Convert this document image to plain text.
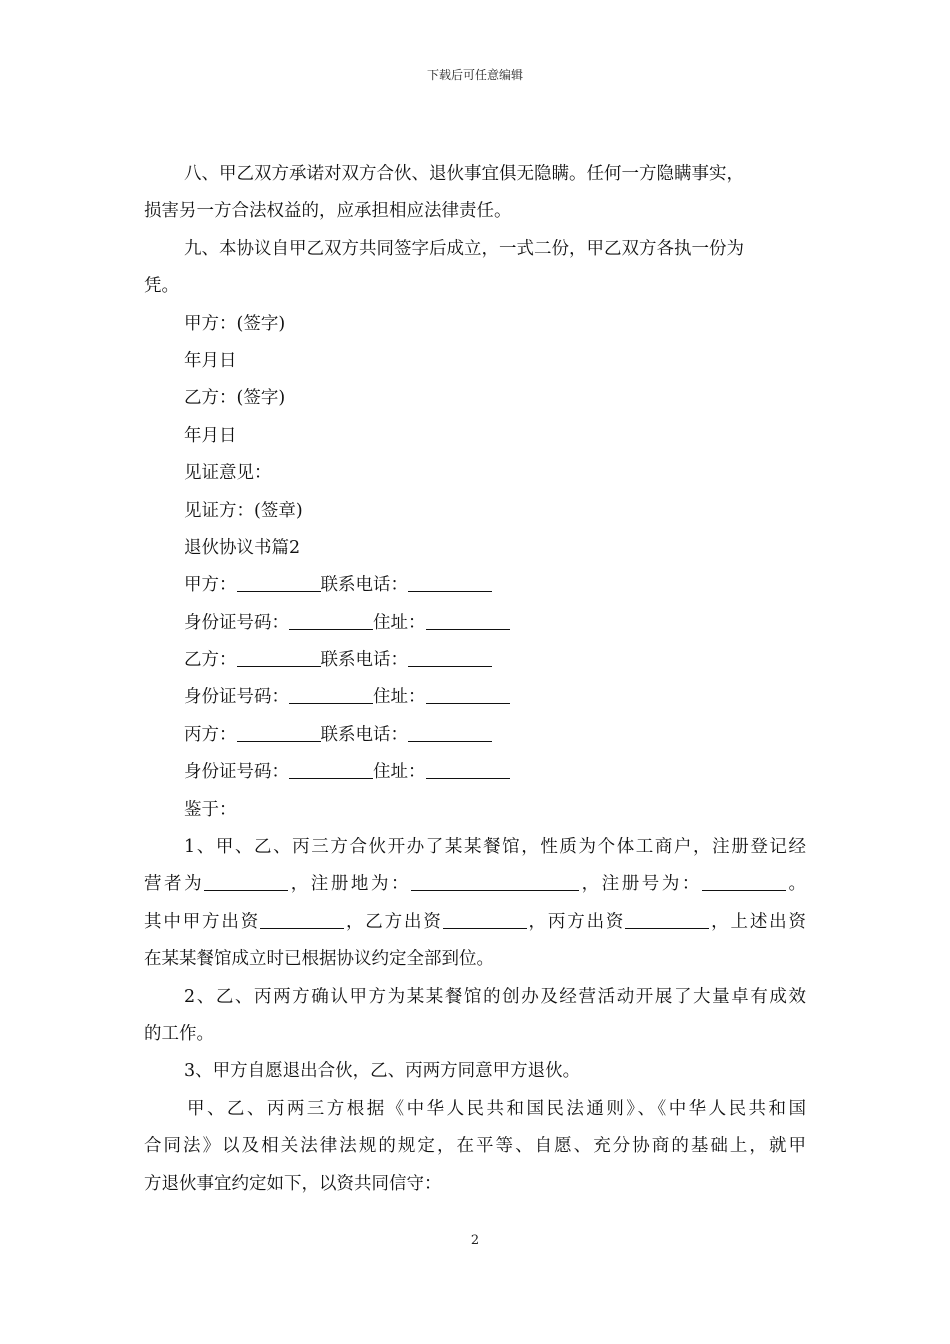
下载后可任意编辑
八、甲乙双方承诺对双方合伙、退伙事宜俱无隐瞒。任何一方隐瞒事实，
损害另一方合法权益的，应承担相应法律责任。
九、本协议自甲乙双方共同签字后成立，一式二份，甲乙双方各执一份为
凭。
甲方：(签字)
年月日
乙方：(签字)
年月日
见证意见：
见证方：(签章)
退伙协议书篇2
甲方：	联系电话：
身份证号码：	住址：
乙方：	联系电话：
身份证号码：	住址：
丙方：	联系电话：
身份证号码：	住址：
鉴于：
1、甲、乙、丙三方合伙开办了某某餐馆，性质为个体工商户，注册登记经
营者为	，注册地为：	，注册号为：	。
其中甲方出资	，乙方出资	，丙方出资	，上述出资
在某某餐馆成立时已根据协议约定全部到位。
2、乙、丙两方确认甲方为某某餐馆的创办及经营活动开展了大量卓有成效
的工作。
3、甲方自愿退出合伙，乙、丙两方同意甲方退伙。
甲、乙、丙两三方根据《中华人民共和国民法通则》、《中华人民共和国
合同法》以及相关法律法规的规定，在平等、自愿、充分协商的基础上，就甲
方退伙事宜约定如下，以资共同信守：
2
